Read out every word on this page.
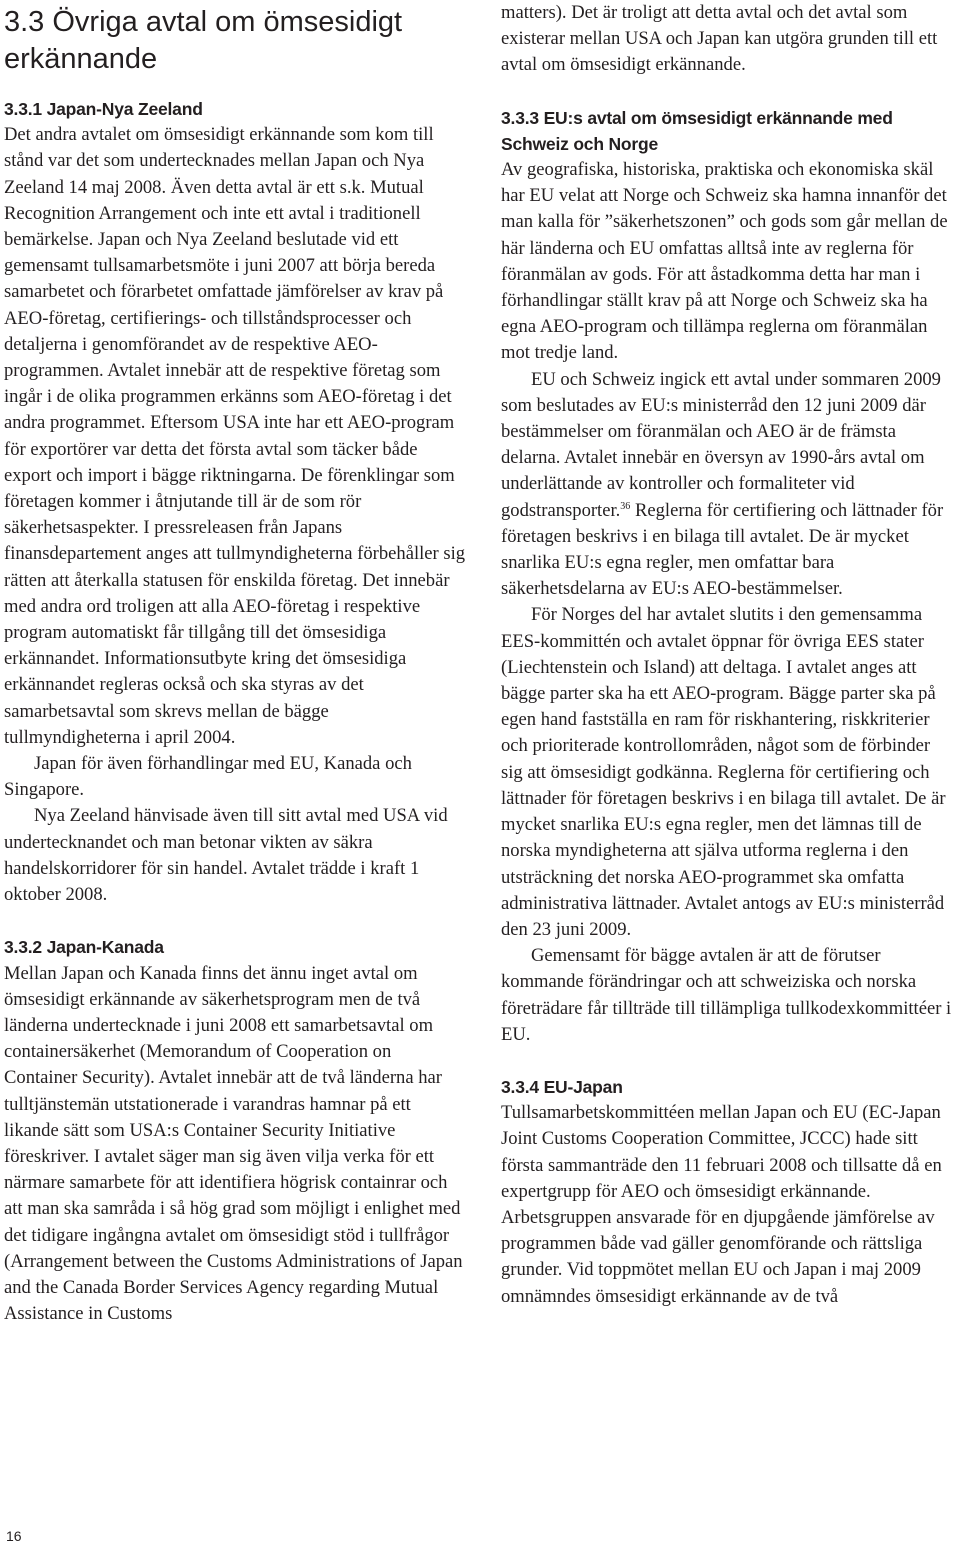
3.3 Övriga avtal om ömsesidigt erkännande
3.3.1 Japan-Nya Zeeland

Det andra avtalet om ömsesidigt erkännande som kom till stånd var det som undertecknades mellan Japan och Nya Zeeland 14 maj 2008. Även detta avtal är ett s.k. Mutual Recognition Arrangement och inte ett avtal i traditionell bemärkelse. Japan och Nya Zeeland beslutade vid ett gemensamt tullsamarbetsmöte i juni 2007 att börja bereda samarbetet och förarbetet omfattade jämförelser av krav på AEO-företag, certifierings- och tillståndsprocesser och detaljerna i genomförandet av de respektive AEO-programmen. Avtalet innebär att de respektive företag som ingår i de olika programmen erkänns som AEO-företag i det andra programmet. Eftersom USA inte har ett AEO-program för exportörer var detta det första avtal som täcker både export och import i bägge riktningarna. De förenklingar som företagen kommer i åtnjutande till är de som rör säkerhetsaspekter. I pressreleasen från Japans finansdepartement anges att tullmyndigheterna förbehåller sig rätten att återkalla statusen för enskilda företag. Det innebär med andra ord troligen att alla AEO-företag i respektive program automatiskt får tillgång till det ömsesidiga erkännandet. Informationsutbyte kring det ömsesidiga erkännandet regleras också och ska styras av det samarbetsavtal som skrevs mellan de bägge tullmyndigheterna i april 2004.

Japan för även förhandlingar med EU, Kanada och Singapore.

Nya Zeeland hänvisade även till sitt avtal med USA vid undertecknandet och man betonar vikten av säkra handelskorridorer för sin handel. Avtalet trädde i kraft 1 oktober 2008.

3.3.2 Japan-Kanada

Mellan Japan och Kanada finns det ännu inget avtal om ömsesidigt erkännande av säkerhetsprogram men de två länderna undertecknade i juni 2008 ett samarbetsavtal om containersäkerhet (Memorandum of Cooperation on Container Security). Avtalet innebär att de två länderna har tulltjänstemän utstationerade i varandras hamnar på ett likande sätt som USA:s Container Security Initiative föreskriver. I avtalet säger man sig även vilja verka för ett närmare samarbete för att identifiera högrisk containrar och att man ska samråda i så hög grad som möjligt i enlighet med det tidigare ingångna avtalet om ömsesidigt stöd i tullfrågor (Arrangement between the Customs Administrations of Japan and the Canada Border Services Agency regarding Mutual Assistance in Customs

matters). Det är troligt att detta avtal och det avtal som existerar mellan USA och Japan kan utgöra grunden till ett avtal om ömsesidigt erkännande.

3.3.3 EU:s avtal om ömsesidigt erkännande med Schweiz och Norge

Av geografiska, historiska, praktiska och ekonomiska skäl har EU velat att Norge och Schweiz ska hamna innanför det man kalla för ”säkerhetszonen” och gods som går mellan de här länderna och EU omfattas alltså inte av reglerna för föranmälan av gods. För att åstadkomma detta har man i förhandlingar ställt krav på att Norge och Schweiz ska ha egna AEO-program och tillämpa reglerna om föranmälan mot tredje land.

EU och Schweiz ingick ett avtal under sommaren 2009 som beslutades av EU:s ministerråd den 12 juni 2009 där bestämmelser om föranmälan och AEO är de främsta delarna. Avtalet innebär en översyn av 1990-års avtal om underlättande av kontroller och formaliteter vid godstransporter.$^{36}$ Reglerna för certifiering och lättnader för företagen beskrivs i en bilaga till avtalet. De är mycket snarlika EU:s egna regler, men omfattar bara säkerhetsdelarna av EU:s AEO-bestämmelser.

För Norges del har avtalet slutits i den gemensamma EES-kommittén och avtalet öppnar för övriga EES stater (Liechtenstein och Island) att deltaga. I avtalet anges att bägge parter ska ha ett AEO-program. Bägge parter ska på egen hand fastställa en ram för riskhantering, riskkriterier och prioriterade kontrollområden, något som de förbinder sig att ömsesidigt godkänna. Reglerna för certifiering och lättnader för företagen beskrivs i en bilaga till avtalet. De är mycket snarlika EU:s egna regler, men det lämnas till de norska myndigheterna att själva utforma reglerna i den utsträckning det norska AEO-programmet ska omfatta administrativa lättnader. Avtalet antogs av EU:s ministerråd den 23 juni 2009.

Gemensamt för bägge avtalen är att de förutser kommande förändringar och att schweiziska och norska företrädare får tillträde till tillämpliga tullkodexkommittéer i EU.

3.3.4 EU-Japan

Tullsamarbetskommittéen mellan Japan och EU (EC-Japan Joint Customs Cooperation Committee, JCCC) hade sitt första sammanträde den 11 februari 2008 och tillsatte då en expertgrupp för AEO och ömsesidigt erkännande. Arbetsgruppen ansvarade för en djupgående jämförelse av programmen både vad gäller genomförande och rättsliga grunder. Vid toppmötet mellan EU och Japan i maj 2009 omnämndes ömsesidigt erkännande av de två

16
